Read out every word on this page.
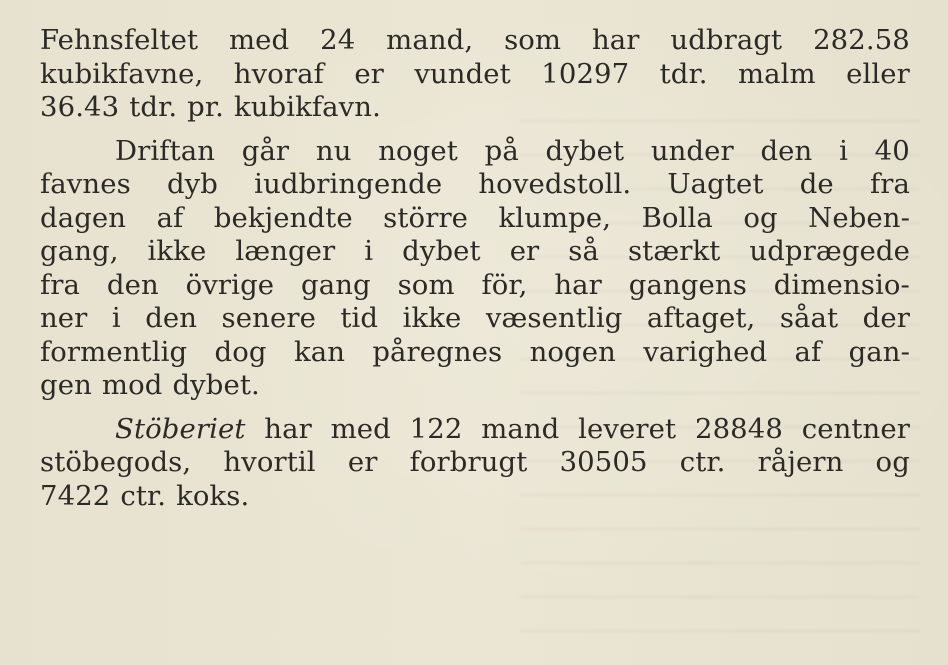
Fehnsfeltet med 24 mand, som har udbragt 282.58
kubikfavne, hvoraf er vundet 10297 tdr. malm eller
36.43 tdr. pr. kubikfavn.
Driftan går nu noget på dybet under den i 40
favnes dyb iudbringende hovedstoll. Uagtet de fra
dagen af bekjendte större klumpe, Bolla og Neben-
gang, ikke længer i dybet er så stærkt udprægede
fra den övrige gang som för, har gangens dimensio-
ner i den senere tid ikke væsentlig aftaget, såat der
formentlig dog kan påregnes nogen varighed af gan-
gen mod dybet.
Stöberiet har med 122 mand leveret 28848 centner
stöbegods, hvortil er forbrugt 30505 ctr. råjern og
7422 ctr. koks.
